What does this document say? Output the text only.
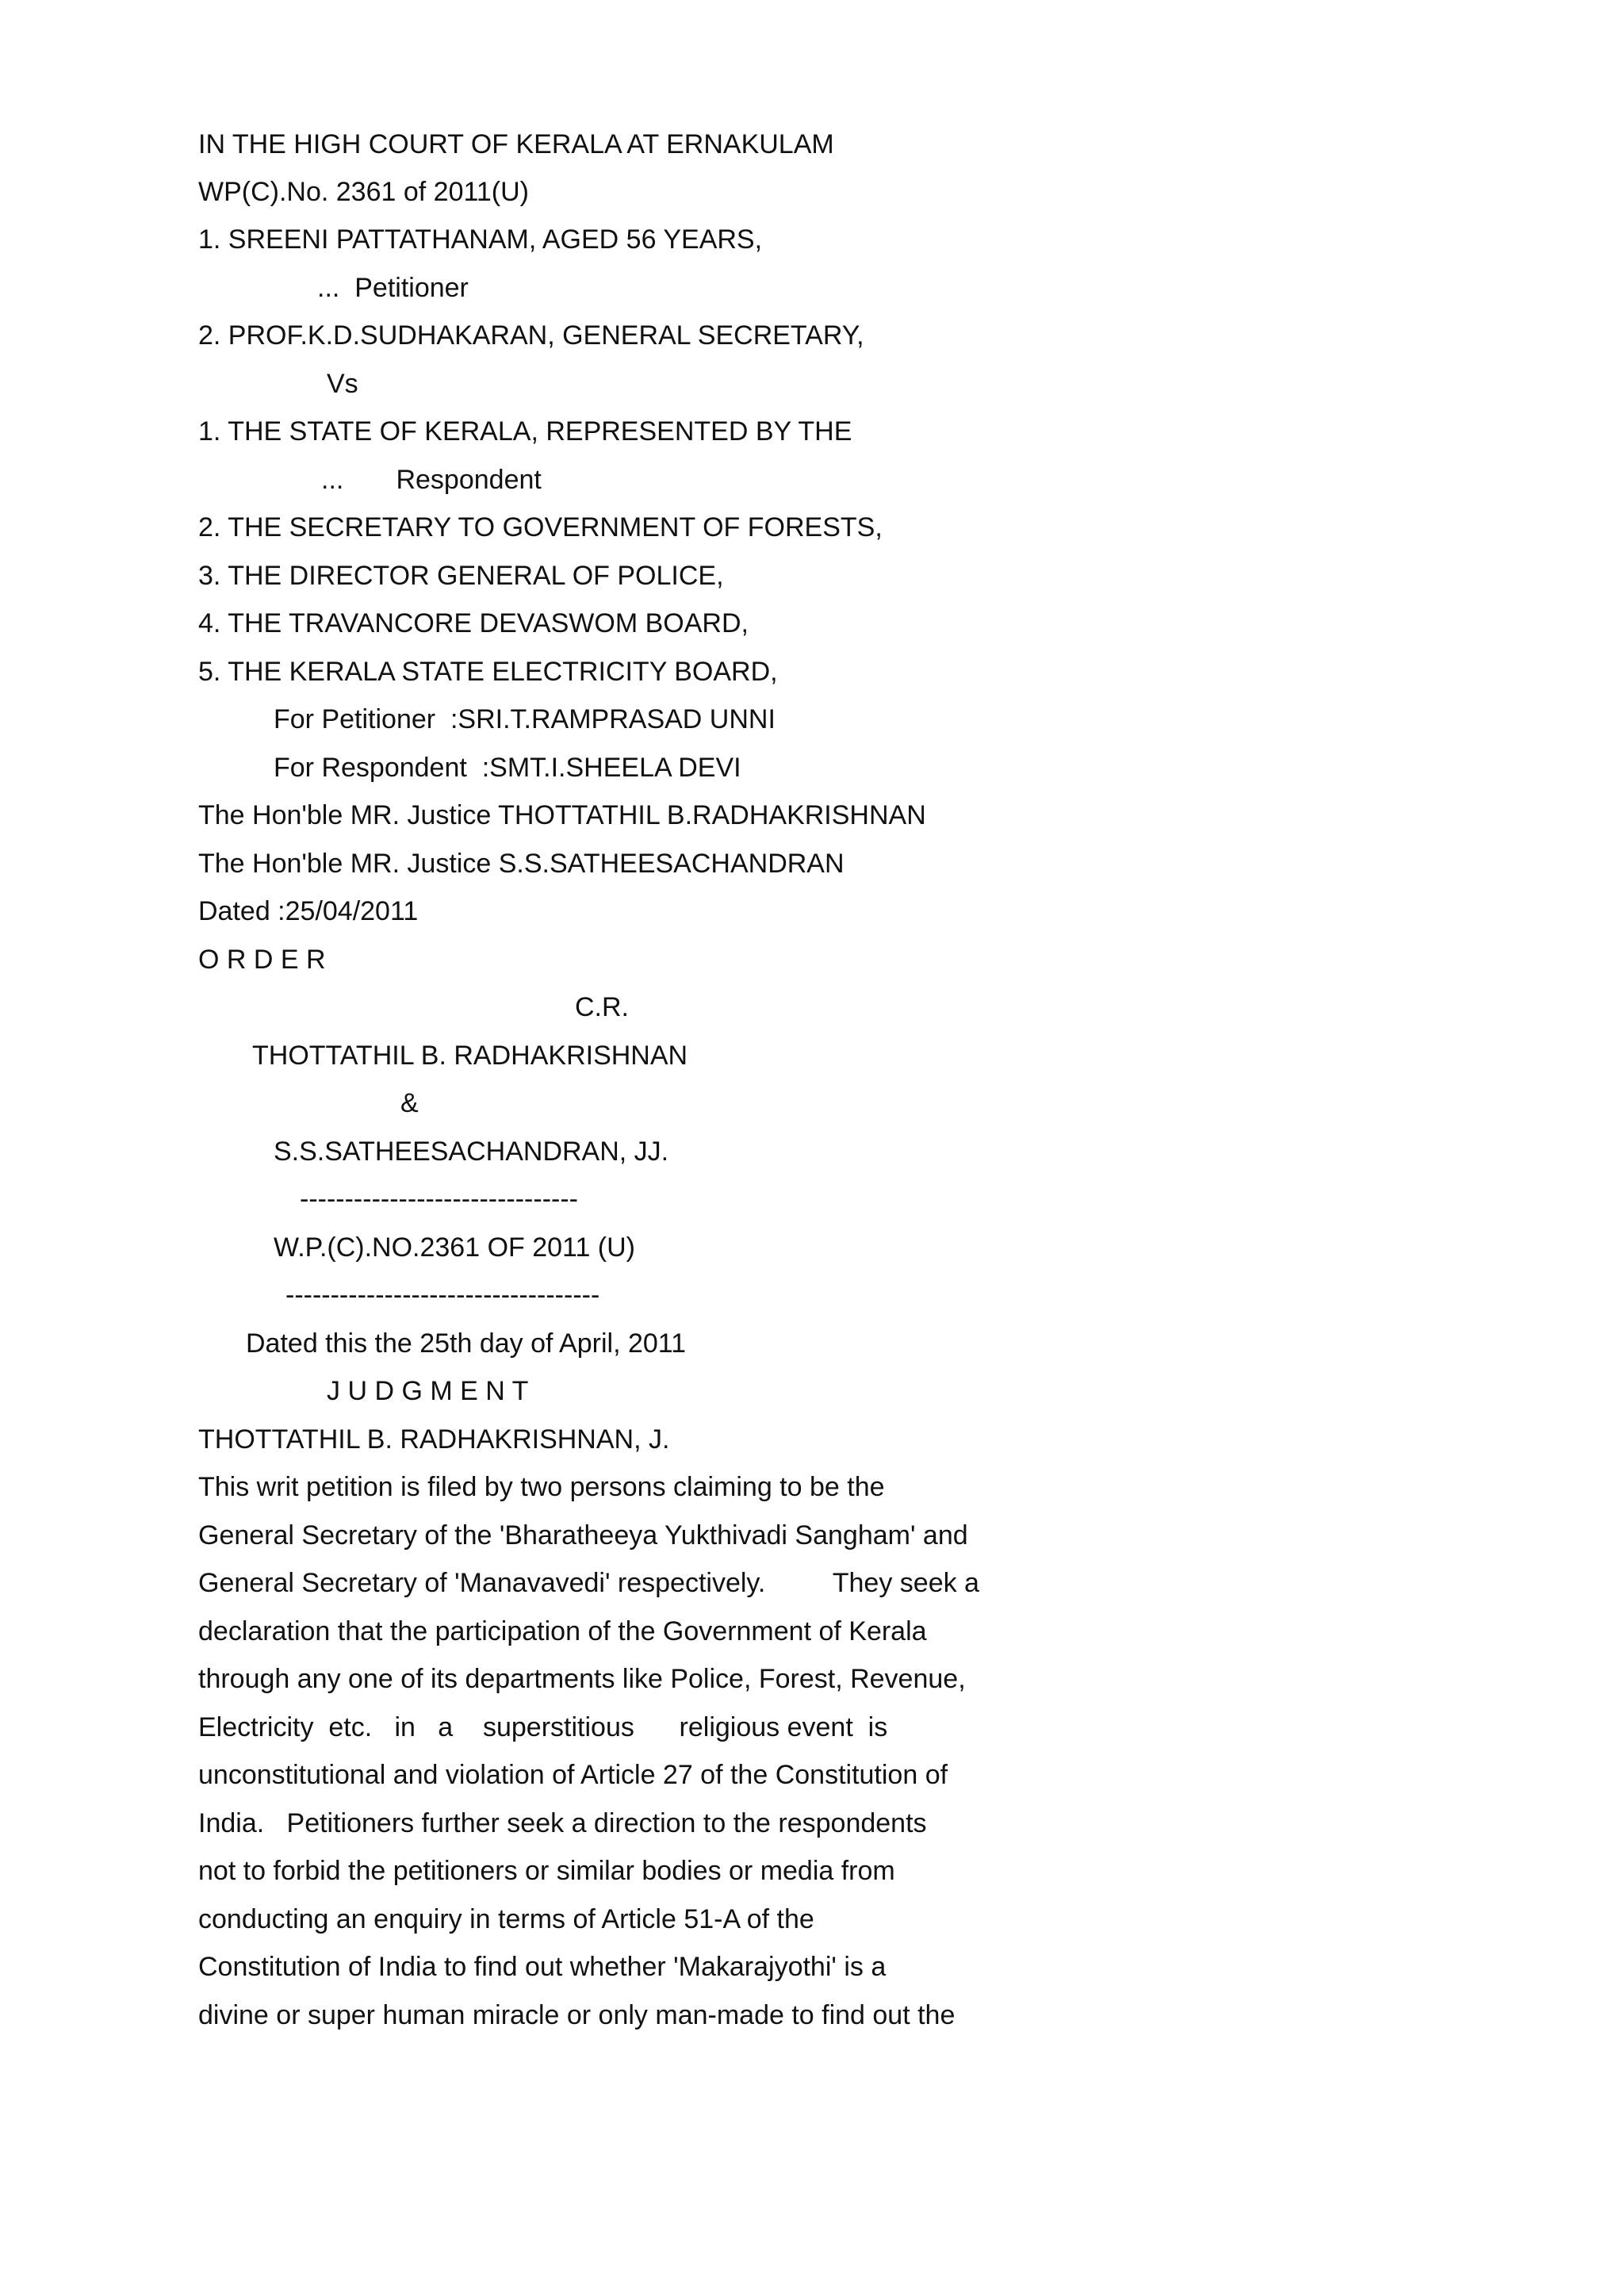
IN THE HIGH COURT OF KERALA AT ERNAKULAM
WP(C).No. 2361 of 2011(U)
1. SREENI PATTATHANAM, AGED 56 YEARS,
...  Petitioner
2. PROF.K.D.SUDHAKARAN, GENERAL SECRETARY,
Vs
1. THE STATE OF KERALA, REPRESENTED BY THE
...       Respondent
2. THE SECRETARY TO GOVERNMENT OF FORESTS,
3. THE DIRECTOR GENERAL OF POLICE,
4. THE TRAVANCORE DEVASWOM BOARD,
5. THE KERALA STATE ELECTRICITY BOARD,
For Petitioner  :SRI.T.RAMPRASAD UNNI
For Respondent  :SMT.I.SHEELA DEVI
The Hon'ble MR. Justice THOTTATHIL B.RADHAKRISHNAN
The Hon'ble MR. Justice S.S.SATHEESACHANDRAN
Dated :25/04/2011
O R D E R
C.R.
THOTTATHIL B. RADHAKRISHNAN
&
S.S.SATHEESACHANDRAN, JJ.
-------------------------------
W.P.(C).NO.2361 OF 2011 (U)
-----------------------------------
Dated this the 25th day of April, 2011
J U D G M E N T
THOTTATHIL B. RADHAKRISHNAN, J.
This writ petition is filed by two persons claiming to be the
General Secretary of the 'Bharatheeya Yukthivadi Sangham' and
General Secretary of 'Manavavedi' respectively.         They seek a
declaration that the participation of the Government of Kerala
through any one of its departments like Police, Forest, Revenue,
Electricity  etc.   in   a    superstitious      religious event  is
unconstitutional and violation of Article 27 of the Constitution of
India.   Petitioners further seek a direction to the respondents
not to forbid the petitioners or similar bodies or media from
conducting an enquiry in terms of Article 51-A of the
Constitution of India to find out whether 'Makarajyothi' is a
divine or super human miracle or only man-made to find out the
